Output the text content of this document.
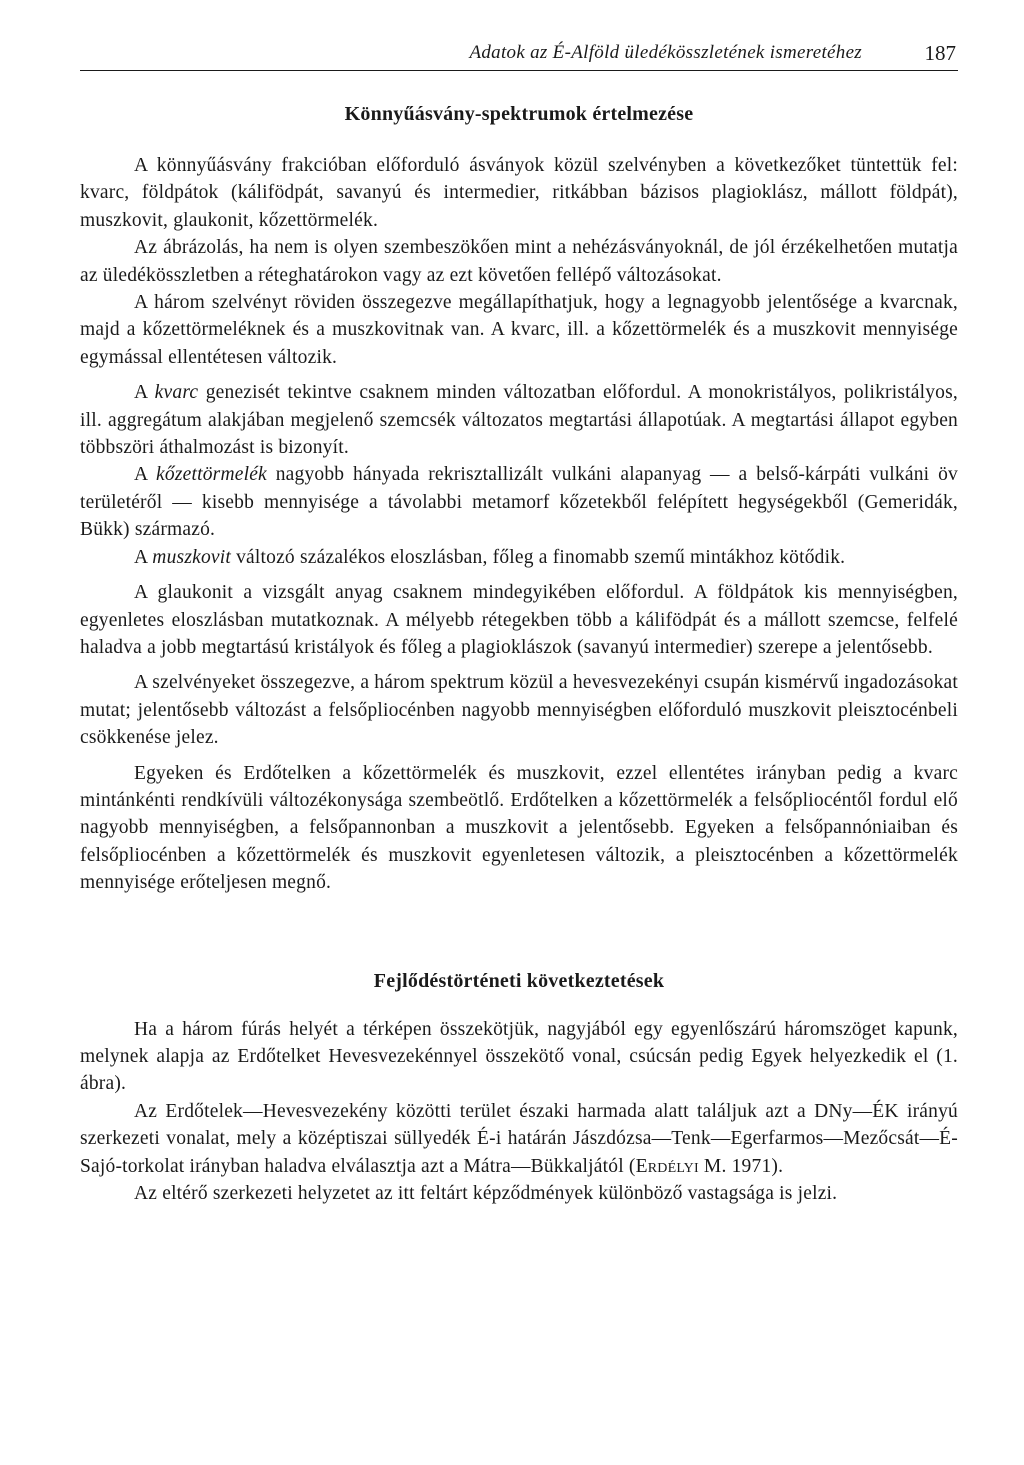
Adatok az É-Alföld üledékösszletének ismeretéhez	187
Könnyűásvány-spektrumok értelmezése

A könnyűásvány frakcióban előforduló ásványok közül szelvényben a következőket tüntettük fel: kvarc, földpátok (kálifödpát, savanyú és intermedier, ritkábban bázisos plagioklász, mállott földpát), muszkovit, glaukonit, kőzettörmelék.

Az ábrázolás, ha nem is olyen szembeszökően mint a nehézásványoknál, de jól érzékelhetően mutatja az üledékösszletben a réteghatárokon vagy az ezt követően fellépő változásokat.

A három szelvényt röviden összegezve megállapíthatjuk, hogy a legnagyobb jelentősége a kvarcnak, majd a kőzettörmeléknek és a muszkovitnak van. A kvarc, ill. a kőzettörmelék és a muszkovit mennyisége egymással ellentétesen változik.

A kvarc genezisét tekintve csaknem minden változatban előfordul. A monokristályos, polikristályos, ill. aggregátum alakjában megjelenő szemcsék változatos megtartási állapotúak. A megtartási állapot egyben többszöri áthalmozást is bizonyít.

A kőzettörmelék nagyobb hányada rekrisztallizált vulkáni alapanyag — a belső-kárpáti vulkáni öv területéről — kisebb mennyisége a távolabbi metamorf kőzetekből felépített hegységekből (Gemeridák, Bükk) származó.

A muszkovit változó százalékos eloszlásban, főleg a finomabb szemű mintákhoz kötődik.

A glaukonit a vizsgált anyag csaknem mindegyikében előfordul. A földpátok kis mennyiségben, egyenletes eloszlásban mutatkoznak. A mélyebb rétegekben több a kálifödpát és a mállott szemcse, felfelé haladva a jobb megtartású kristályok és főleg a plagioklászok (savanyú intermedier) szerepe a jelentősebb.

A szelvényeket összegezve, a három spektrum közül a hevesvezekényi csupán kismérvű ingadozásokat mutat; jelentősebb változást a felsőpliocénben nagyobb mennyiségben előforduló muszkovit pleisztocénbeli csökkenése jelez.

Egyeken és Erdőtelken a kőzettörmelék és muszkovit, ezzel ellentétes irányban pedig a kvarc mintánkénti rendkívüli változékonysága szembeötlő. Erdőtelken a kőzettörmelék a felsőpliocéntől fordul elő nagyobb mennyiségben, a felsőpannonban a muszkovit a jelentősebb. Egyeken a felsőpannóniaiban és felsőpliocénben a kőzettörmelék és muszkovit egyenletesen változik, a pleisztocénben a kőzettörmelék mennyisége erőteljesen megnő.

Fejlődéstörténeti következtetések

Ha a három fúrás helyét a térképen összekötjük, nagyjából egy egyenlőszárú háromszöget kapunk, melynek alapja az Erdőtelket Hevesvezekénnyel összekötő vonal, csúcsán pedig Egyek helyezkedik el (1. ábra).

Az Erdőtelek—Hevesvezekény közötti terület északi harmada alatt találjuk azt a DNy—ÉK irányú szerkezeti vonalat, mely a középtiszai süllyedék É-i határán Jászdózsa—Tenk—Egerfarmos—Mezőcsát—É-Sajó-torkolat irányban haladva elválasztja azt a Mátra—Bükkaljától (Erdélyi M. 1971).

Az eltérő szerkezeti helyzetet az itt feltárt képződmények különböző vastagsága is jelzi.
